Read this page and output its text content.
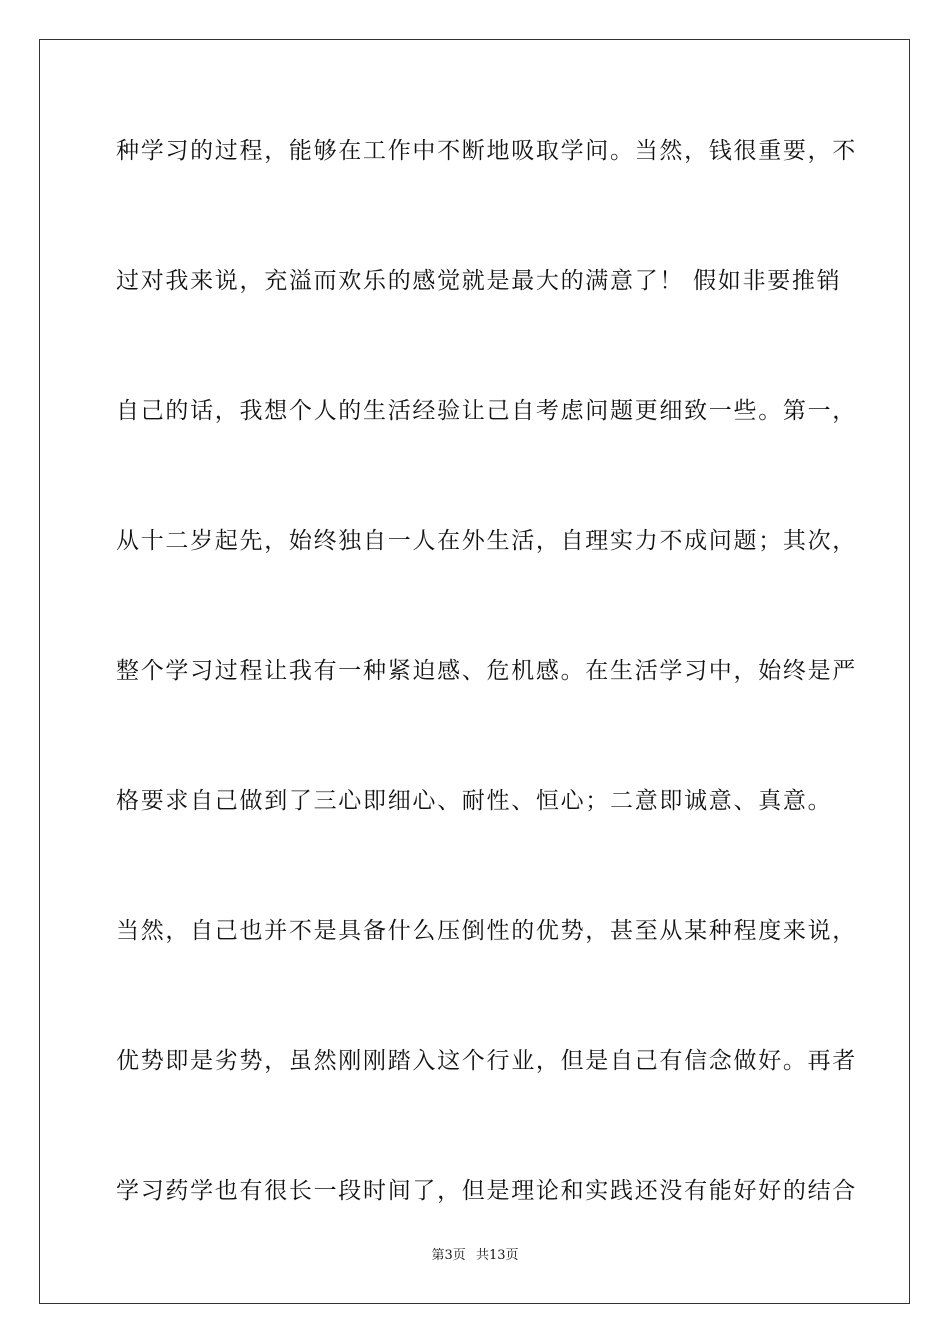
种学习的过程，能够在工作中不断地吸取学问。当然，钱很重要，不
过对我来说，充溢而欢乐的感觉就是最大的满意了！ 假如非要推销
自己的话，我想个人的生活经验让己自考虑问题更细致一些。第一，
从十二岁起先，始终独自一人在外生活，自理实力不成问题；其次，
整个学习过程让我有一种紧迫感、危机感。在生活学习中，始终是严
格要求自己做到了三心即细心、耐性、恒心；二意即诚意、真意。
当然，自己也并不是具备什么压倒性的优势，甚至从某种程度来说，
优势即是劣势，虽然刚刚踏入这个行业，但是自己有信念做好。再者
学习药学也有很长一段时间了，但是理论和实践还没有能好好的结合
第3页 共13页
